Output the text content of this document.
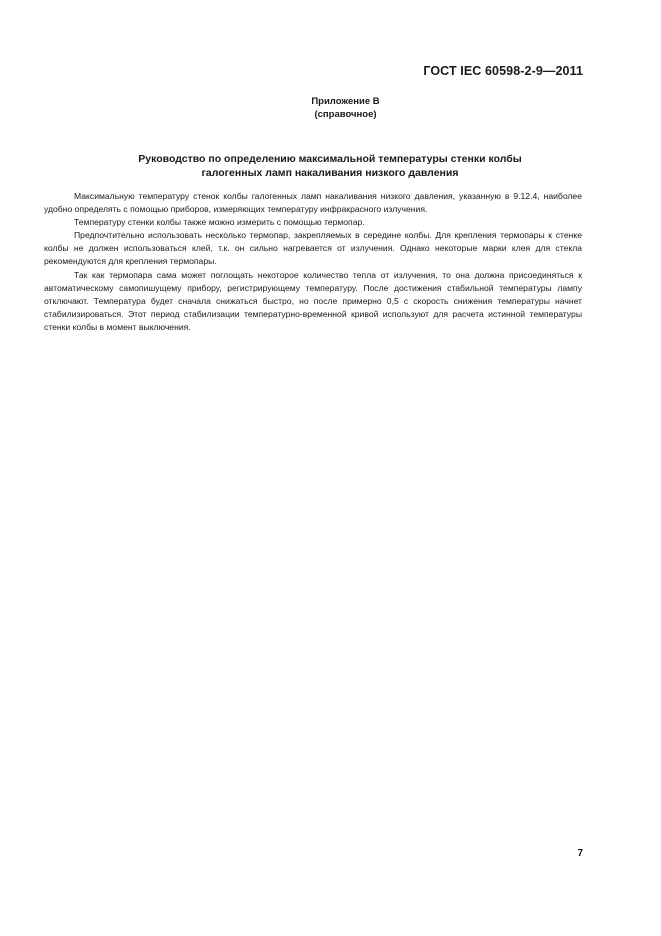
ГОСТ IEC 60598-2-9—2011
Приложение В
(справочное)
Руководство по определению максимальной температуры стенки колбы
галогенных ламп накаливания низкого давления

Максимальную температуру стенок колбы галогенных ламп накаливания низкого давления, указанную в 9.12.4, наиболее удобно определять с помощью приборов, измеряющих температуру инфракрасного излучения.

Температуру стенки колбы также можно измерить с помощью термопар.

Предпочтительно использовать несколько термопар, закрепляемых в середине колбы. Для крепления термопары к стенке колбы не должен использоваться клей, т.к. он сильно нагревается от излучения. Однако некоторые марки клея для стекла рекомендуются для крепления термопары.

Так как термопара сама может поглощать некоторое количество тепла от излучения, то она должна присоединяться к автоматическому самопишущему прибору, регистрирующему температуру. После достижения стабильной температуры лампу отключают. Температура будет сначала снижаться быстро, но после примерно 0,5 с скорость снижения температуры начнет стабилизироваться. Этот период стабилизации температурно-временной кривой используют для расчета истинной температуры стенки колбы в момент выключения.

7
